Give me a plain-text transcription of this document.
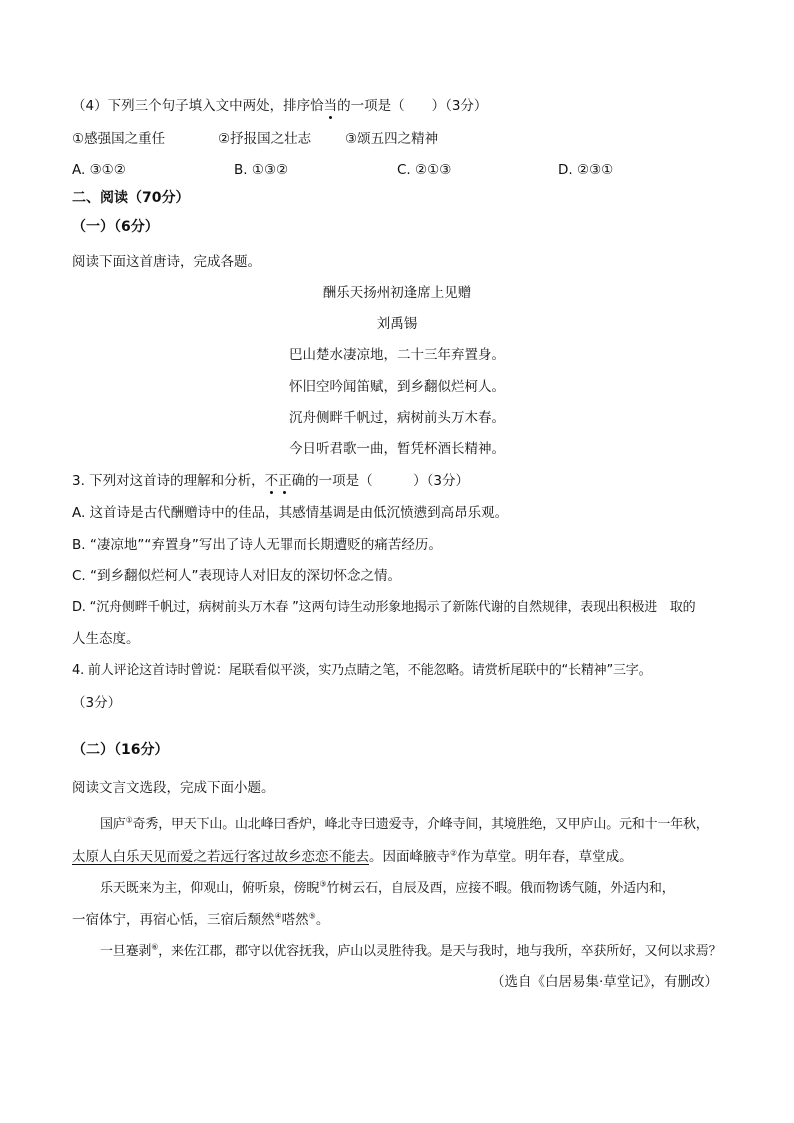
（4）下列三个句子填入文中两处，排序恰当的一项是（　　）（3分）
①感强国之重任	②抒报国之壮志	③颂五四之精神
A. ③①②	B. ①③②	C. ②①③	D. ②③①
二、阅读（70分）
（一）（6分）
阅读下面这首唐诗，完成各题。
酬乐天扬州初逢席上见赠
刘禹锡
巴山楚水凄凉地，二十三年弃置身。
怀旧空吟闻笛赋，到乡翻似烂柯人。
沉舟侧畔千帆过，病树前头万木春。
今日听君歌一曲，暂凭杯酒长精神。
3. 下列对这首诗的理解和分析，不正确的一项是（　　　）（3分）
A. 这首诗是古代酬赠诗中的佳品，其感情基调是由低沉愤懑到高昂乐观。
B. “凄凉地”“弃置身”写出了诗人无罪而长期遭贬的痛苦经历。
C. “到乡翻似烂柯人”表现诗人对旧友的深切怀念之情。
D. “沉舟侧畔千帆过，病树前头万木春 ”这两句诗生动形象地揭示了新陈代谢的自然规律，表现出积极进　取的
人生态度。
4. 前人评论这首诗时曾说：尾联看似平淡，实乃点睛之笔，不能忽略。请赏析尾联中的“长精神”三字。
（3分）
（二）（16分）
阅读文言文选段，完成下面小题。
国庐①奇秀，甲天下山。山北峰曰香炉，峰北寺曰遗爱寺，介峰寺间，其境胜绝，又甲庐山。元和十一年秋，
太原人白乐天见而爱之若远行客过故乡恋恋不能去。因面峰腋寺②作为草堂。明年春，草堂成。
乐天既来为主，仰观山，俯听泉，傍睨③竹树云石，自辰及酉，应接不暇。俄而物诱气随，外适内和，
一宿体宁，再宿心恬，三宿后颓然④嗒然⑤。
一旦蹇剥⑥，来佐江郡，郡守以优容抚我，庐山以灵胜待我。是天与我时，地与我所，卒获所好，又何以求焉？
（选自《白居易集·草堂记》，有删改）
